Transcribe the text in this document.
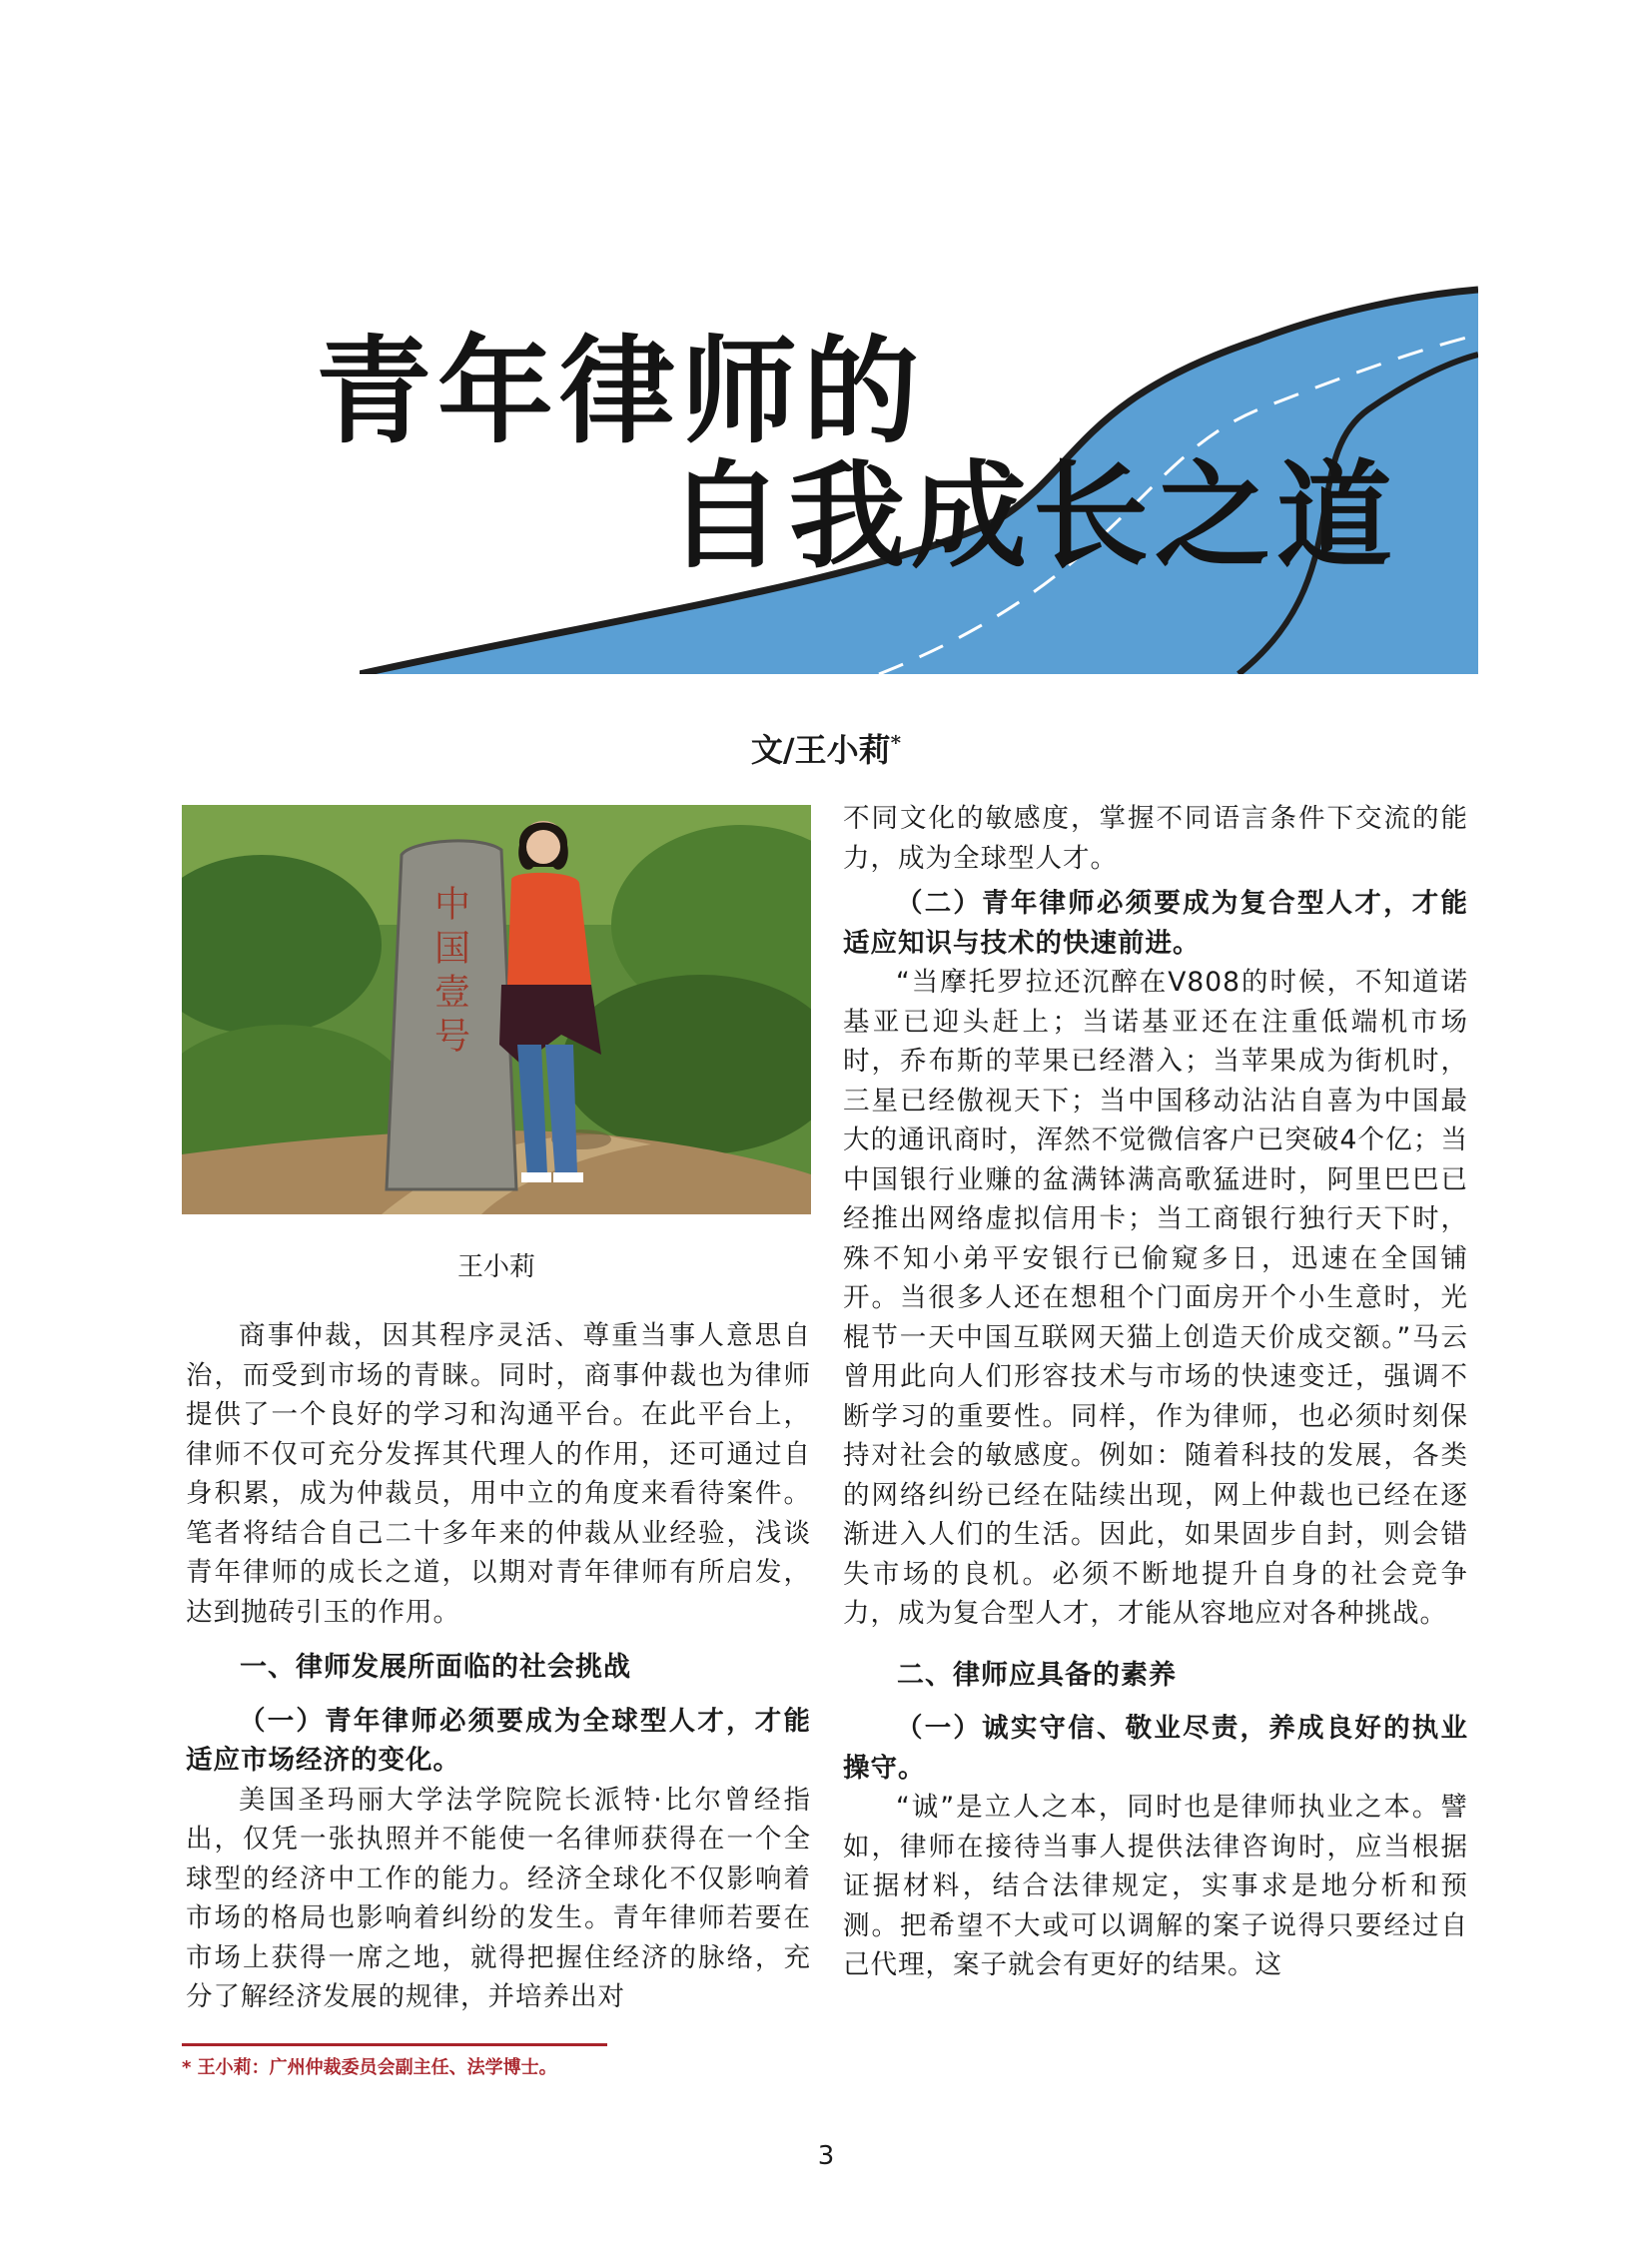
青年律师的
自我成长之道
文/王小莉*
中国壹号
王小莉

商事仲裁，因其程序灵活、尊重当事人意思自治，而受到市场的青睐。同时，商事仲裁也为律师提供了一个良好的学习和沟通平台。在此平台上，律师不仅可充分发挥其代理人的作用，还可通过自身积累，成为仲裁员，用中立的角度来看待案件。笔者将结合自己二十多年来的仲裁从业经验，浅谈青年律师的成长之道，以期对青年律师有所启发，达到抛砖引玉的作用。

一、律师发展所面临的社会挑战

（一）青年律师必须要成为全球型人才，才能适应市场经济的变化。

美国圣玛丽大学法学院院长派特·比尔曾经指出，仅凭一张执照并不能使一名律师获得在一个全球型的经济中工作的能力。经济全球化不仅影响着市场的格局也影响着纠纷的发生。青年律师若要在市场上获得一席之地，就得把握住经济的脉络，充分了解经济发展的规律，并培养出对

不同文化的敏感度，掌握不同语言条件下交流的能力，成为全球型人才。

（二）青年律师必须要成为复合型人才，才能适应知识与技术的快速前进。

“当摩托罗拉还沉醉在V808的时候，不知道诺基亚已迎头赶上；当诺基亚还在注重低端机市场时，乔布斯的苹果已经潜入；当苹果成为街机时，三星已经傲视天下；当中国移动沾沾自喜为中国最大的通讯商时，浑然不觉微信客户已突破4个亿；当中国银行业赚的盆满钵满高歌猛进时，阿里巴巴已经推出网络虚拟信用卡；当工商银行独行天下时，殊不知小弟平安银行已偷窥多日，迅速在全国铺开。当很多人还在想租个门面房开个小生意时，光棍节一天中国互联网天猫上创造天价成交额。”马云曾用此向人们形容技术与市场的快速变迁，强调不断学习的重要性。同样，作为律师，也必须时刻保持对社会的敏感度。例如：随着科技的发展，各类的网络纠纷已经在陆续出现，网上仲裁也已经在逐渐进入人们的生活。因此，如果固步自封，则会错失市场的良机。必须不断地提升自身的社会竞争力，成为复合型人才，才能从容地应对各种挑战。

二、律师应具备的素养

（一）诚实守信、敬业尽责，养成良好的执业操守。

“诚”是立人之本，同时也是律师执业之本。譬如，律师在接待当事人提供法律咨询时，应当根据证据材料，结合法律规定，实事求是地分析和预测。把希望不大或可以调解的案子说得只要经过自己代理，案子就会有更好的结果。这

* 王小莉：广州仲裁委员会副主任、法学博士。
3
